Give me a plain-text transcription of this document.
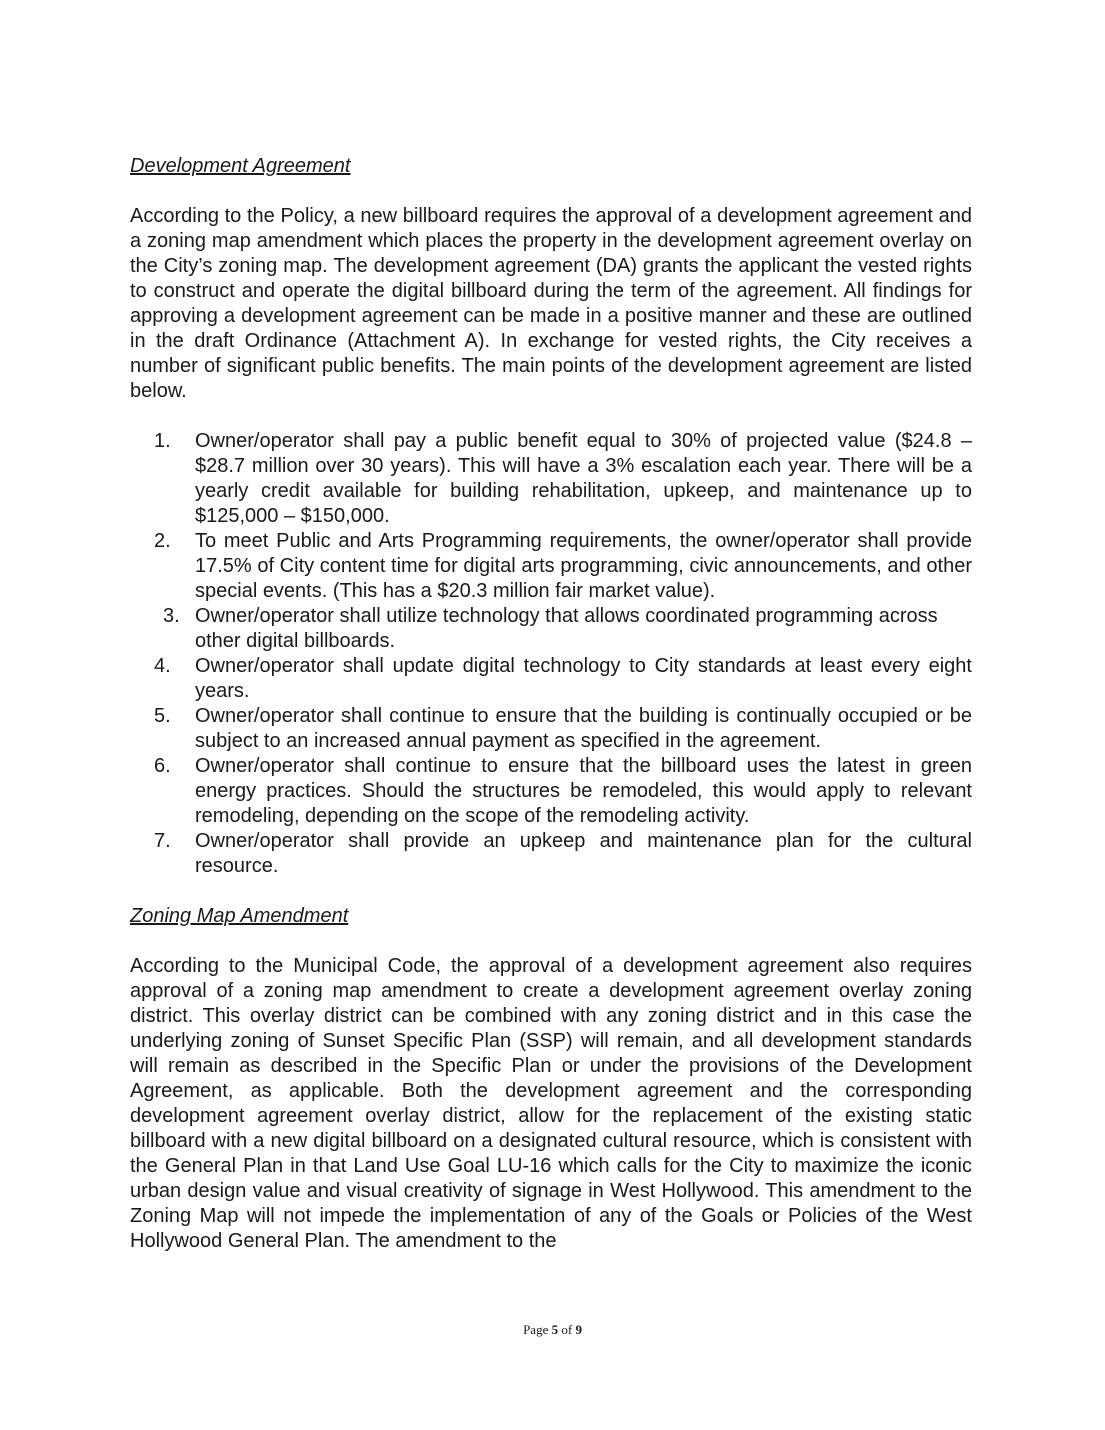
Development Agreement

According to the Policy, a new billboard requires the approval of a development agreement and a zoning map amendment which places the property in the development agreement overlay on the City’s zoning map. The development agreement (DA) grants the applicant the vested rights to construct and operate the digital billboard during the term of the agreement. All findings for approving a development agreement can be made in a positive manner and these are outlined in the draft Ordinance (Attachment A). In exchange for vested rights, the City receives a number of significant public benefits. The main points of the development agreement are listed below.

1.	Owner/operator shall pay a public benefit equal to 30% of projected value ($24.8 – $28.7 million over 30 years). This will have a 3% escalation each year. There will be a yearly credit available for building rehabilitation, upkeep, and maintenance up to $125,000 – $150,000.
2.	To meet Public and Arts Programming requirements, the owner/operator shall provide 17.5% of City content time for digital arts programming, civic announcements, and other special events. (This has a $20.3 million fair market value).
3. Owner/operator shall utilize technology that allows coordinated programming across other digital billboards.
4.	Owner/operator shall update digital technology to City standards at least every eight years.
5.	Owner/operator shall continue to ensure that the building is continually occupied or be subject to an increased annual payment as specified in the agreement.
6.	Owner/operator shall continue to ensure that the billboard uses the latest in green energy practices. Should the structures be remodeled, this would apply to relevant remodeling, depending on the scope of the remodeling activity.
7.	Owner/operator shall provide an upkeep and maintenance plan for the cultural resource.

Zoning Map Amendment

According to the Municipal Code, the approval of a development agreement also requires approval of a zoning map amendment to create a development agreement overlay zoning district. This overlay district can be combined with any zoning district and in this case the underlying zoning of Sunset Specific Plan (SSP) will remain, and all development standards will remain as described in the Specific Plan or under the provisions of the Development Agreement, as applicable. Both the development agreement and the corresponding development agreement overlay district, allow for the replacement of the existing static billboard with a new digital billboard on a designated cultural resource, which is consistent with the General Plan in that Land Use Goal LU-16 which calls for the City to maximize the iconic urban design value and visual creativity of signage in West Hollywood. This amendment to the Zoning Map will not impede the implementation of any of the Goals or Policies of the West Hollywood General Plan. The amendment to the

Page 5 of 9
